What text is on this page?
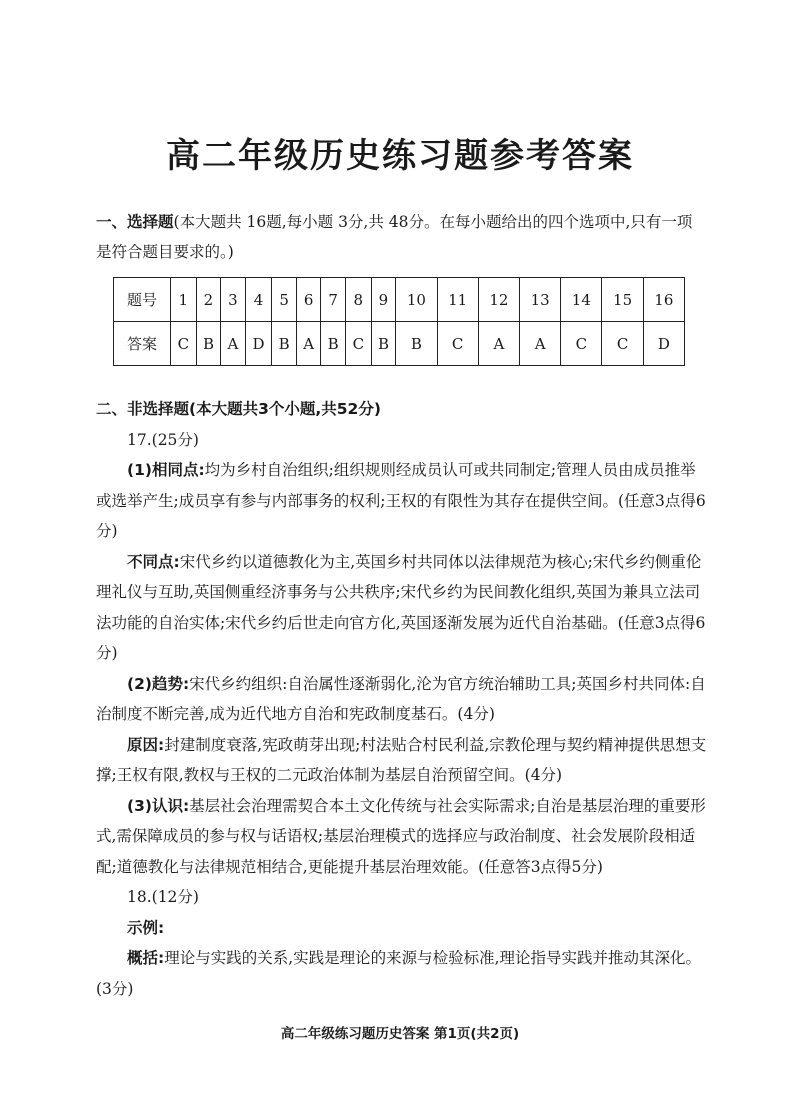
高二年级历史练习题参考答案
一、选择题(本大题共 16题,每小题 3分,共 48分。在每小题给出的四个选项中,只有一项是符合题目要求的。)
题号	1	2	3	4	5	6	7	8	9	10	11	12	13	14	15	16
答案	C	B	A	D	B	A	B	C	B	B	C	A	A	C	C	D

二、非选择题(本大题共3个小题,共52分)

17.(25分)

(1)相同点:均为乡村自治组织;组织规则经成员认可或共同制定;管理人员由成员推举或选举产生;成员享有参与内部事务的权利;王权的有限性为其存在提供空间。(任意3点得6分)

不同点:宋代乡约以道德教化为主,英国乡村共同体以法律规范为核心;宋代乡约侧重伦理礼仪与互助,英国侧重经济事务与公共秩序;宋代乡约为民间教化组织,英国为兼具立法司法功能的自治实体;宋代乡约后世走向官方化,英国逐渐发展为近代自治基础。(任意3点得6分)

(2)趋势:宋代乡约组织:自治属性逐渐弱化,沦为官方统治辅助工具;英国乡村共同体:自治制度不断完善,成为近代地方自治和宪政制度基石。(4分)

原因:封建制度衰落,宪政萌芽出现;村法贴合村民利益,宗教伦理与契约精神提供思想支撑;王权有限,教权与王权的二元政治体制为基层自治预留空间。(4分)

(3)认识:基层社会治理需契合本土文化传统与社会实际需求;自治是基层治理的重要形式,需保障成员的参与权与话语权;基层治理模式的选择应与政治制度、社会发展阶段相适配;道德教化与法律规范相结合,更能提升基层治理效能。(任意答3点得5分)

18.(12分)

示例:

概括:理论与实践的关系,实践是理论的来源与检验标准,理论指导实践并推动其深化。(3分)

高二年级练习题历史答案 第1页(共2页)
